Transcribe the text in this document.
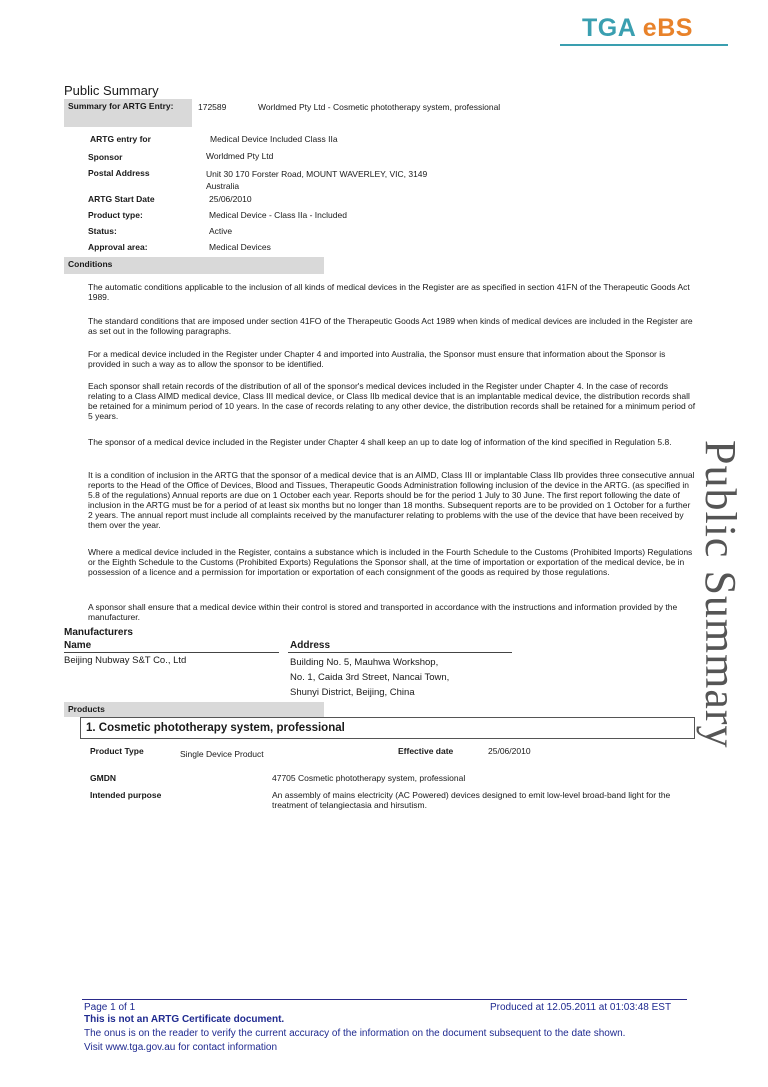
TGA eBS
Public Summary
Summary for ARTG Entry:	172589	Worldmed Pty Ltd - Cosmetic phototherapy system, professional
ARTG entry for	Medical Device Included Class IIa
Sponsor	Worldmed Pty Ltd
Postal Address	Unit 30 170 Forster Road, MOUNT WAVERLEY, VIC, 3149
Australia
ARTG Start Date	25/06/2010
Product type:	Medical Device - Class IIa - Included
Status:	Active
Approval area:	Medical Devices
Conditions
The automatic conditions applicable to the inclusion of all kinds of medical devices in the Register are as specified in section 41FN of the Therapeutic Goods Act 1989.
The standard conditions that are imposed under section 41FO of the Therapeutic Goods Act 1989 when kinds of medical devices are included in the Register are as set out in the following paragraphs.
For a medical device included in the Register under Chapter 4 and imported into Australia, the Sponsor must ensure that information about the Sponsor is provided in such a way as to allow the sponsor to be identified.
Each sponsor shall retain records of the distribution of all of the sponsor's medical devices included in the Register under Chapter 4. In the case of records relating to a Class AIMD medical device, Class III medical device, or Class IIb medical device that is an implantable medical device, the distribution records shall be retained for a minimum period of 10 years. In the case of records relating to any other device, the distribution records shall be retained for a minimum period of 5 years.
The sponsor of a medical device included in the Register under Chapter 4 shall keep an up to date log of information of the kind specified in Regulation 5.8.
It is a condition of inclusion in the ARTG that the sponsor of a medical device that is an AIMD, Class III or implantable Class IIb provides three consecutive annual reports to the Head of the Office of Devices, Blood and Tissues, Therapeutic Goods Administration following inclusion of the device in the ARTG. (as specified in 5.8 of the regulations) Annual reports are due on 1 October each year. Reports should be for the period 1 July to 30 June. The first report following the date of inclusion in the ARTG must be for a period of at least six months but no longer than 18 months. Subsequent reports are to be provided on 1 October for a further 2 years. The annual report must include all complaints received by the manufacturer relating to problems with the use of the device that have been received by them over the year.
Where a medical device included in the Register, contains a substance which is included in the Fourth Schedule to the Customs (Prohibited Imports) Regulations or the Eighth Schedule to the Customs (Prohibited Exports) Regulations the Sponsor shall, at the time of importation or exportation of the medical device, be in possession of a licence and a permission for importation or exportation of each consignment of the goods as required by those regulations.
A sponsor shall ensure that a medical device within their control is stored and transported in accordance with the instructions and information provided by the manufacturer.
Manufacturers
Name	Address
Beijing Nubway S&T Co., Ltd	Building No. 5, Mauhwa Workshop,
No. 1, Caida 3rd Street, Nancai Town,
Shunyi District, Beijing, China
Products
1. Cosmetic phototherapy system, professional
Product Type	Single Device Product	Effective date	25/06/2010
GMDN	47705 Cosmetic phototherapy system, professional
Intended purpose	An assembly of mains electricity (AC Powered) devices designed to emit low-level broad-band light for the treatment of telangiectasia and hirsutism.
Public Summary
Page 1 of 1	Produced at 12.05.2011 at 01:03:48 EST
This is not an ARTG Certificate document.
The onus is on the reader to verify the current accuracy of the information on the document subsequent to the date shown.
Visit www.tga.gov.au for contact information
